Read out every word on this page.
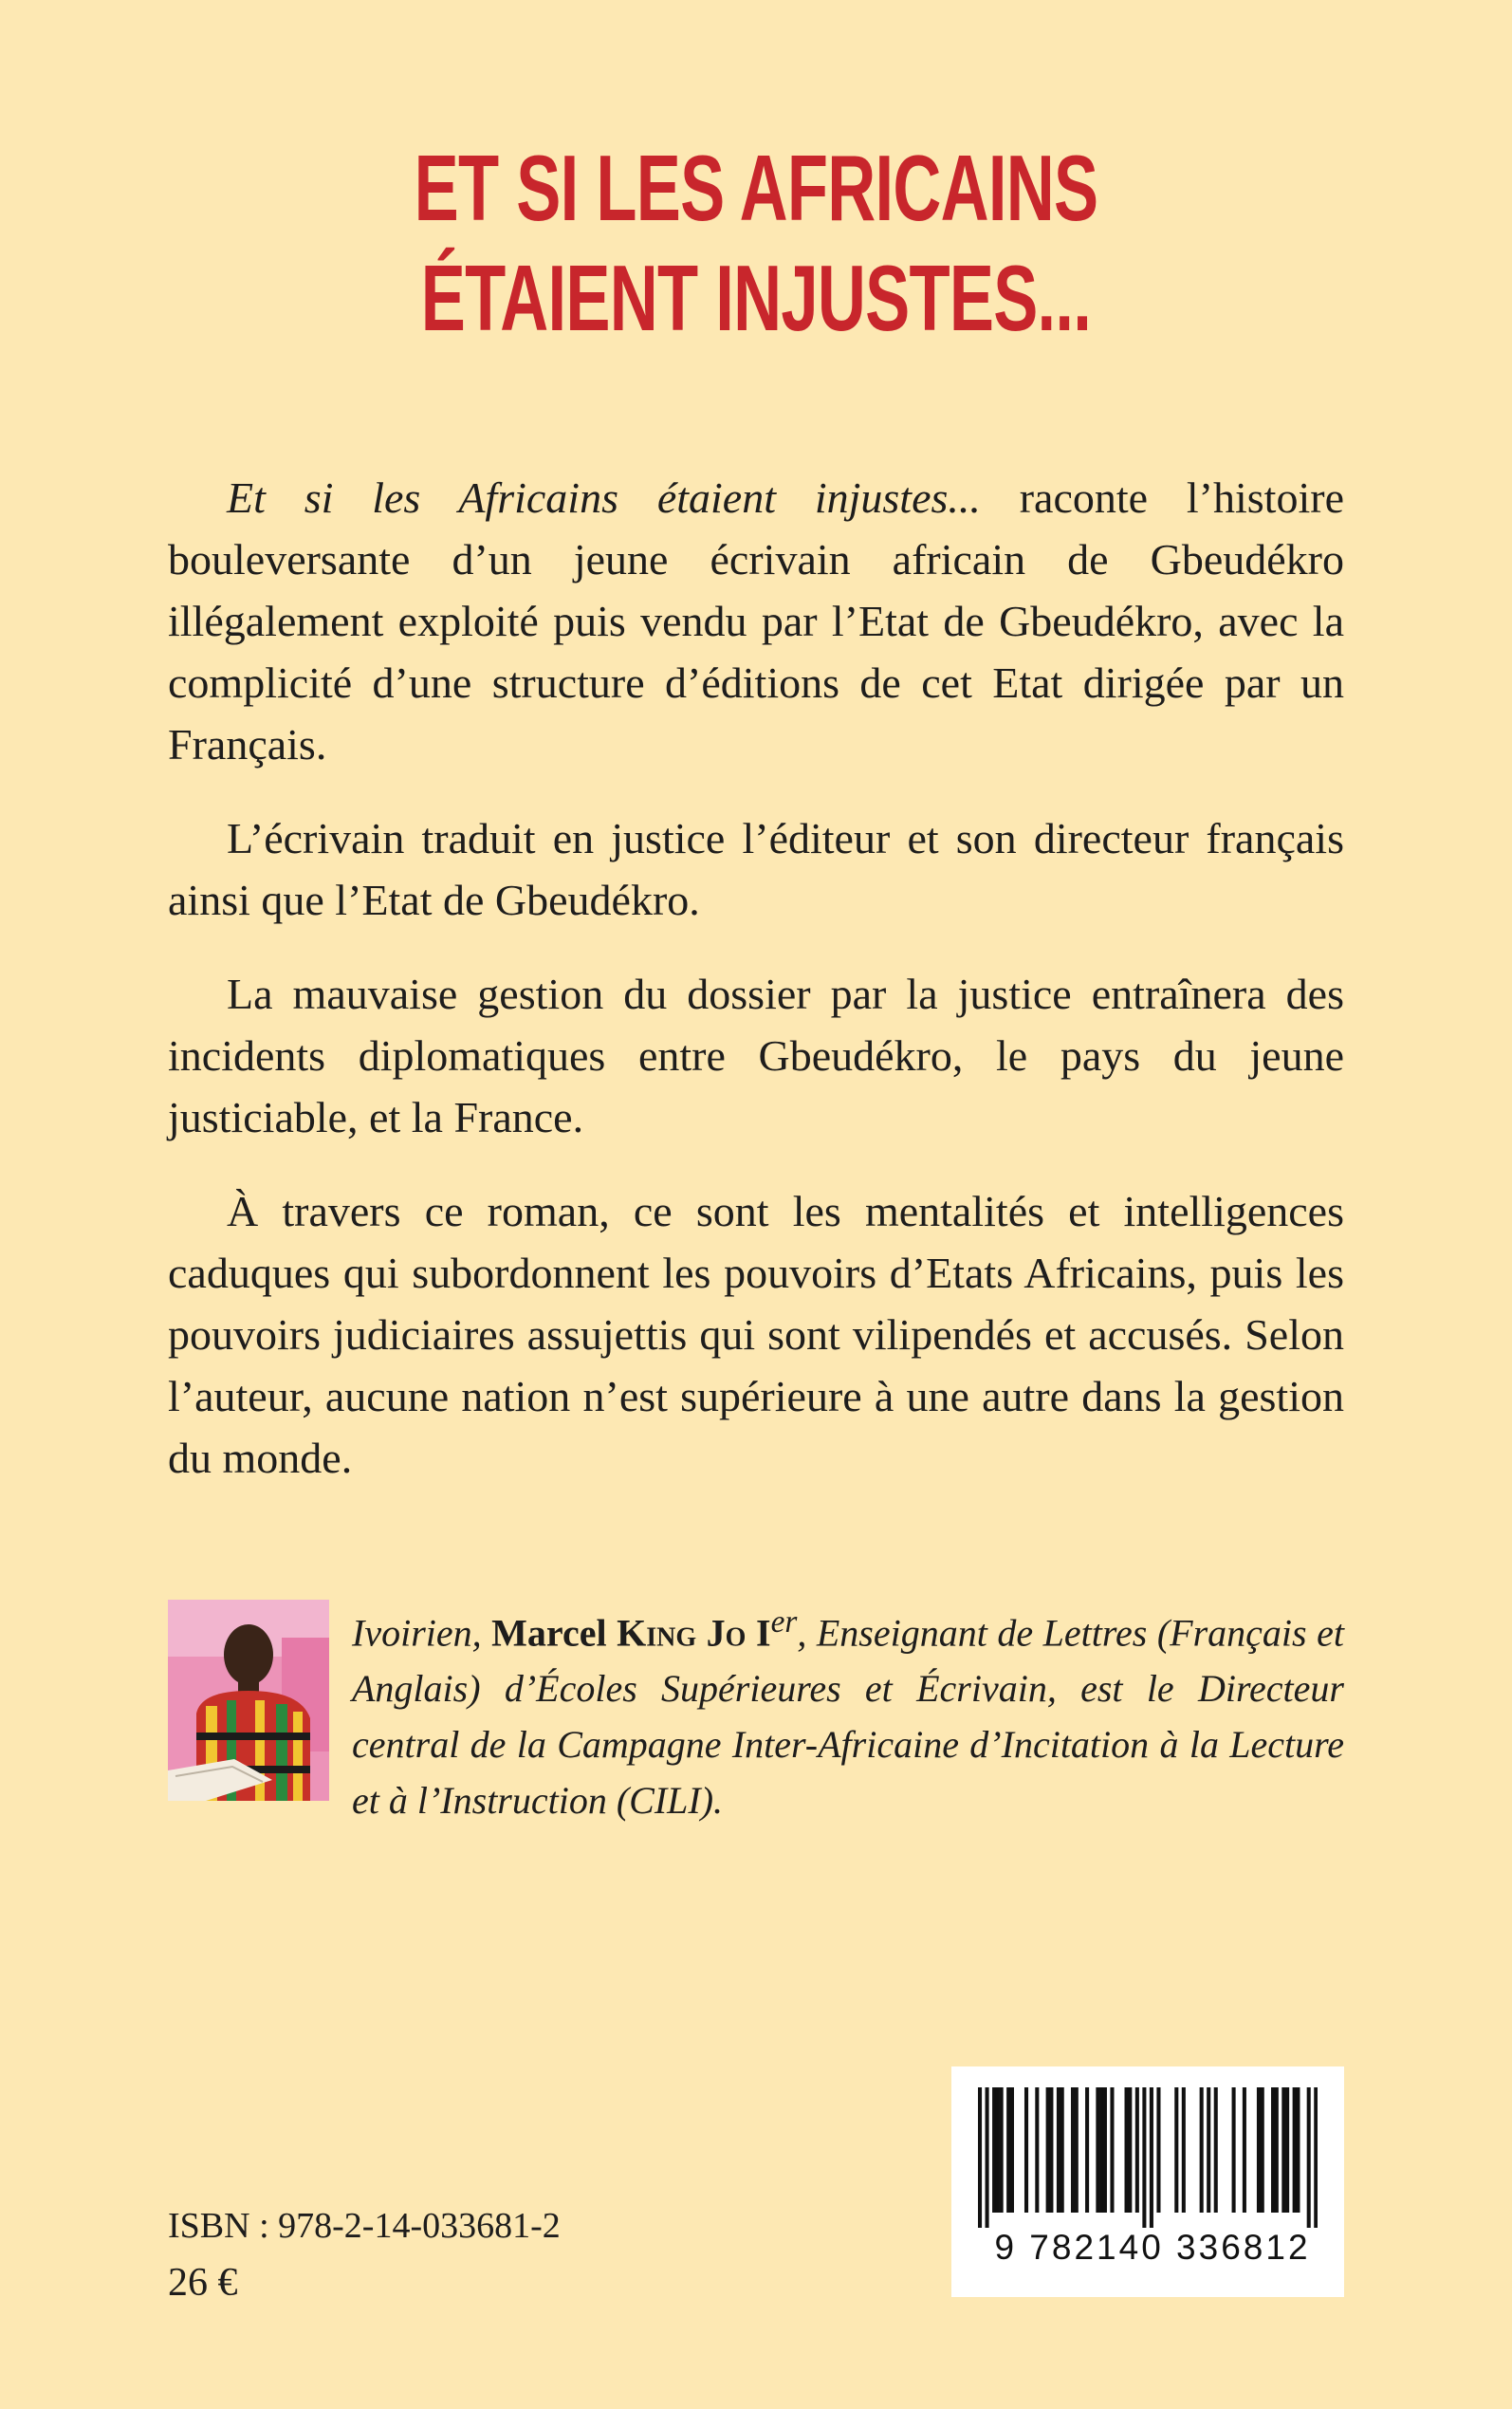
ET SI LES AFRICAINS
ÉTAIENT INJUSTES...

Et si les Africains étaient injustes... raconte l’histoire bouleversante d’un jeune écrivain africain de Gbeudékro illégalement exploité puis vendu par l’Etat de Gbeudékro, avec la complicité d’une structure d’éditions de cet Etat dirigée par un Français.

L’écrivain traduit en justice l’éditeur et son directeur français ainsi que l’Etat de Gbeudékro.

La mauvaise gestion du dossier par la justice entraînera des incidents diplomatiques entre Gbeudékro, le pays du jeune justiciable, et la France.

À travers ce roman, ce sont les mentalités et intelligences caduques qui subordonnent les pouvoirs d’Etats Africains, puis les pouvoirs judiciaires assujettis qui sont vilipendés et accusés. Selon l’auteur, aucune nation n’est supérieure à une autre dans la gestion du monde.

Ivoirien, Marcel King Jo Ier, Enseignant de Lettres (Français et Anglais) d’Écoles Supérieures et Écrivain, est le Directeur central de la Campagne Inter-Africaine d’Incitation à la Lecture et à l’Instruction (CILI).
ISBN : 978-2-14-033681-2
26 €
9 782140 336812
